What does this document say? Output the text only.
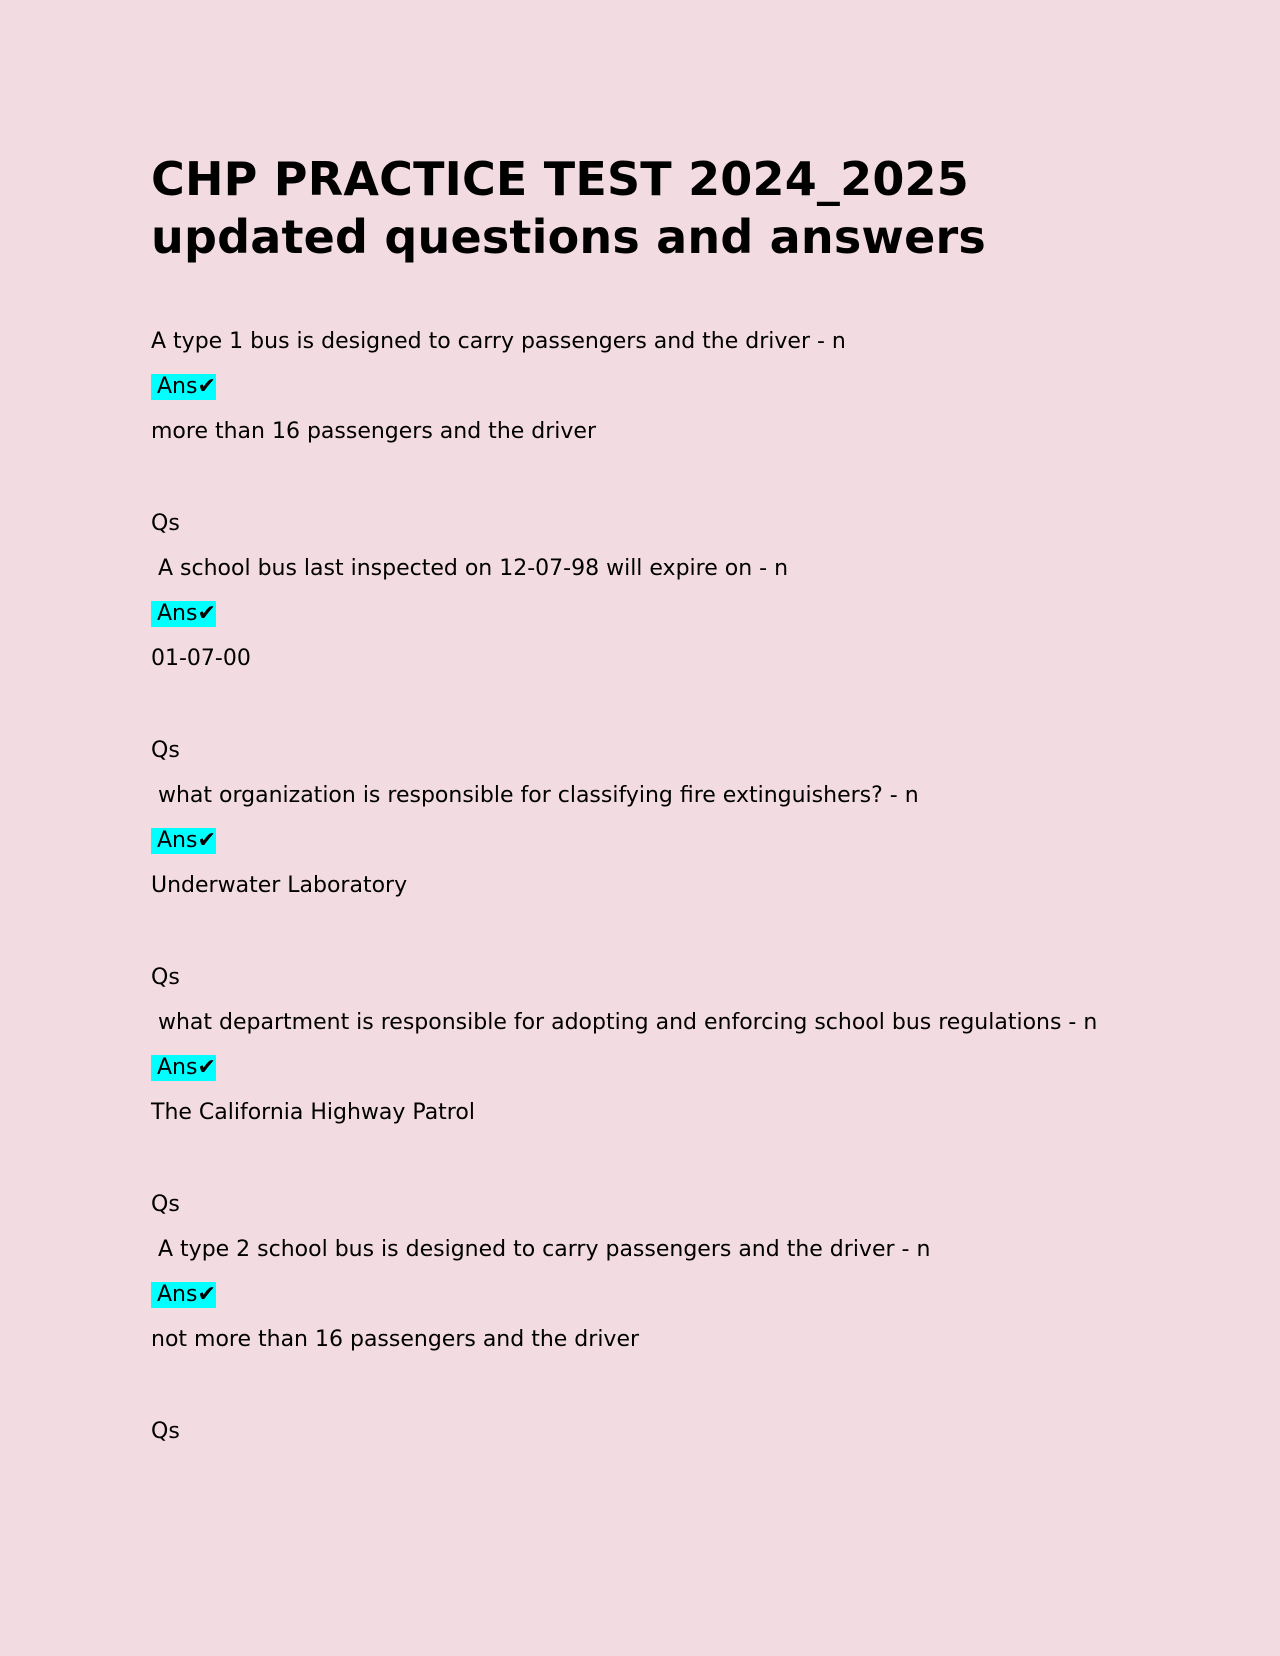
CHP PRACTICE TEST 2024_2025 updated questions and answers
A type 1 bus is designed to carry passengers and the driver - n
Ans✔
more than 16 passengers and the driver
Qs
A school bus last inspected on 12-07-98 will expire on - n
Ans✔
01-07-00
Qs
what organization is responsible for classifying fire extinguishers? - n
Ans✔
Underwater Laboratory
Qs
what department is responsible for adopting and enforcing school bus regulations - n
Ans✔
The California Highway Patrol
Qs
A type 2 school bus is designed to carry passengers and the driver - n
Ans✔
not more than 16 passengers and the driver
Qs
